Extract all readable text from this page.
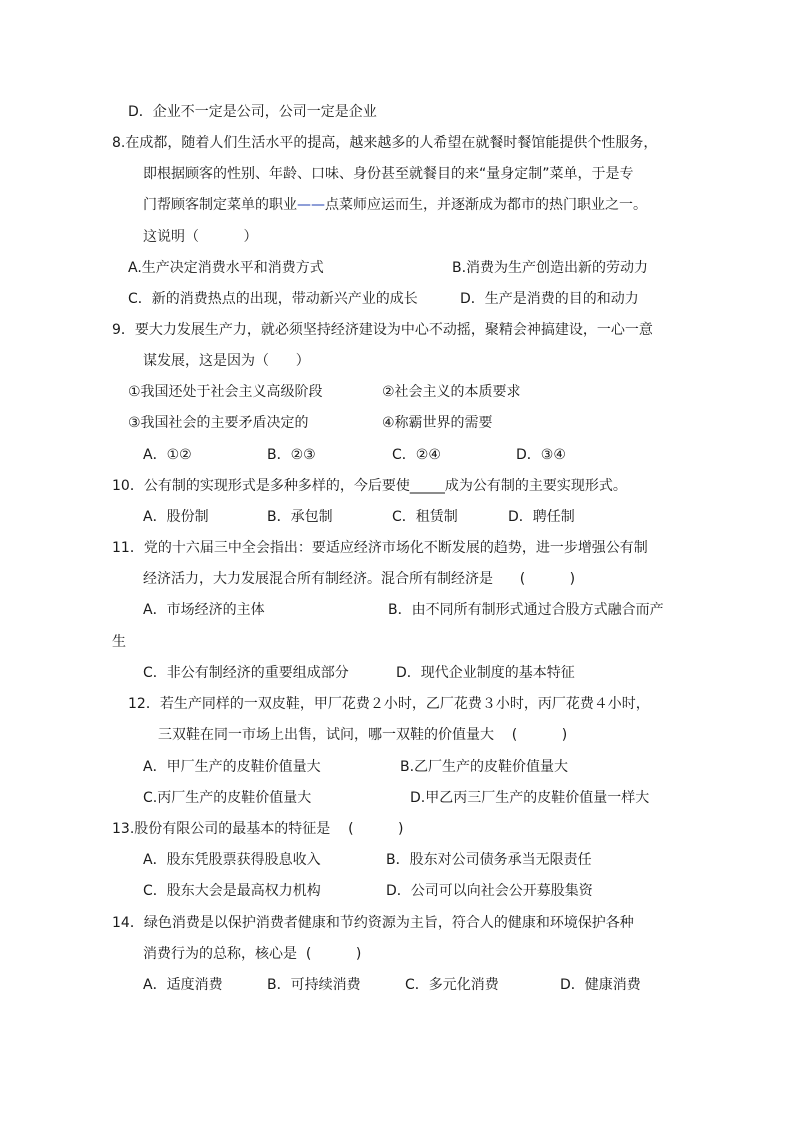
D．企业不一定是公司，公司一定是企业
8.在成都，随着人们生活水平的提高，越来越多的人希望在就餐时餐馆能提供个性服务，
即根据顾客的性别、年龄、口味、身份甚至就餐目的来“量身定制”菜单，于是专
门帮顾客制定菜单的职业——点菜师应运而生，并逐渐成为都市的热门职业之一。
这说明（          ）
A.生产决定消费水平和消费方式	B.消费为生产创造出新的劳动力
C．新的消费热点的出现，带动新兴产业的成长	D．生产是消费的目的和动力
9．要大力发展生产力，就必须坚持经济建设为中心不动摇，聚精会神搞建设，一心一意
谋发展，这是因为（      ）
①我国还处于社会主义高级阶段	②社会主义的本质要求
③我国社会的主要矛盾决定的	④称霸世界的需要
A．①②	B．②③	C．②④	D．③④
10．公有制的实现形式是多种多样的，今后要使_____成为公有制的主要实现形式。
A．股份制	B．承包制	C．租赁制	D．聘任制
11．党的十六届三中全会指出：要适应经济市场化不断发展的趋势，进一步增强公有制
经济活力，大力发展混合所有制经济。混合所有制经济是      (          )
A．市场经济的主体	B．由不同所有制形式通过合股方式融合而产
生
C．非公有制经济的重要组成部分	D．现代企业制度的基本特征
12．若生产同样的一双皮鞋，甲厂花费２小时，乙厂花费３小时，丙厂花费４小时，
三双鞋在同一市场上出售，试问，哪一双鞋的价值量大    (          )
A．甲厂生产的皮鞋价值量大	B.乙厂生产的皮鞋价值量大
C.丙厂生产的皮鞋价值量大	D.甲乙丙三厂生产的皮鞋价值量一样大
13.股份有限公司的最基本的特征是    (          )
A．股东凭股票获得股息收入	B．股东对公司债务承当无限责任
C．股东大会是最高权力机构	D．公司可以向社会公开募股集资
14．绿色消费是以保护消费者健康和节约资源为主旨，符合人的健康和环境保护各种
消费行为的总称，核心是  (          )
A．适度消费	B．可持续消费	C．多元化消费	D．健康消费
